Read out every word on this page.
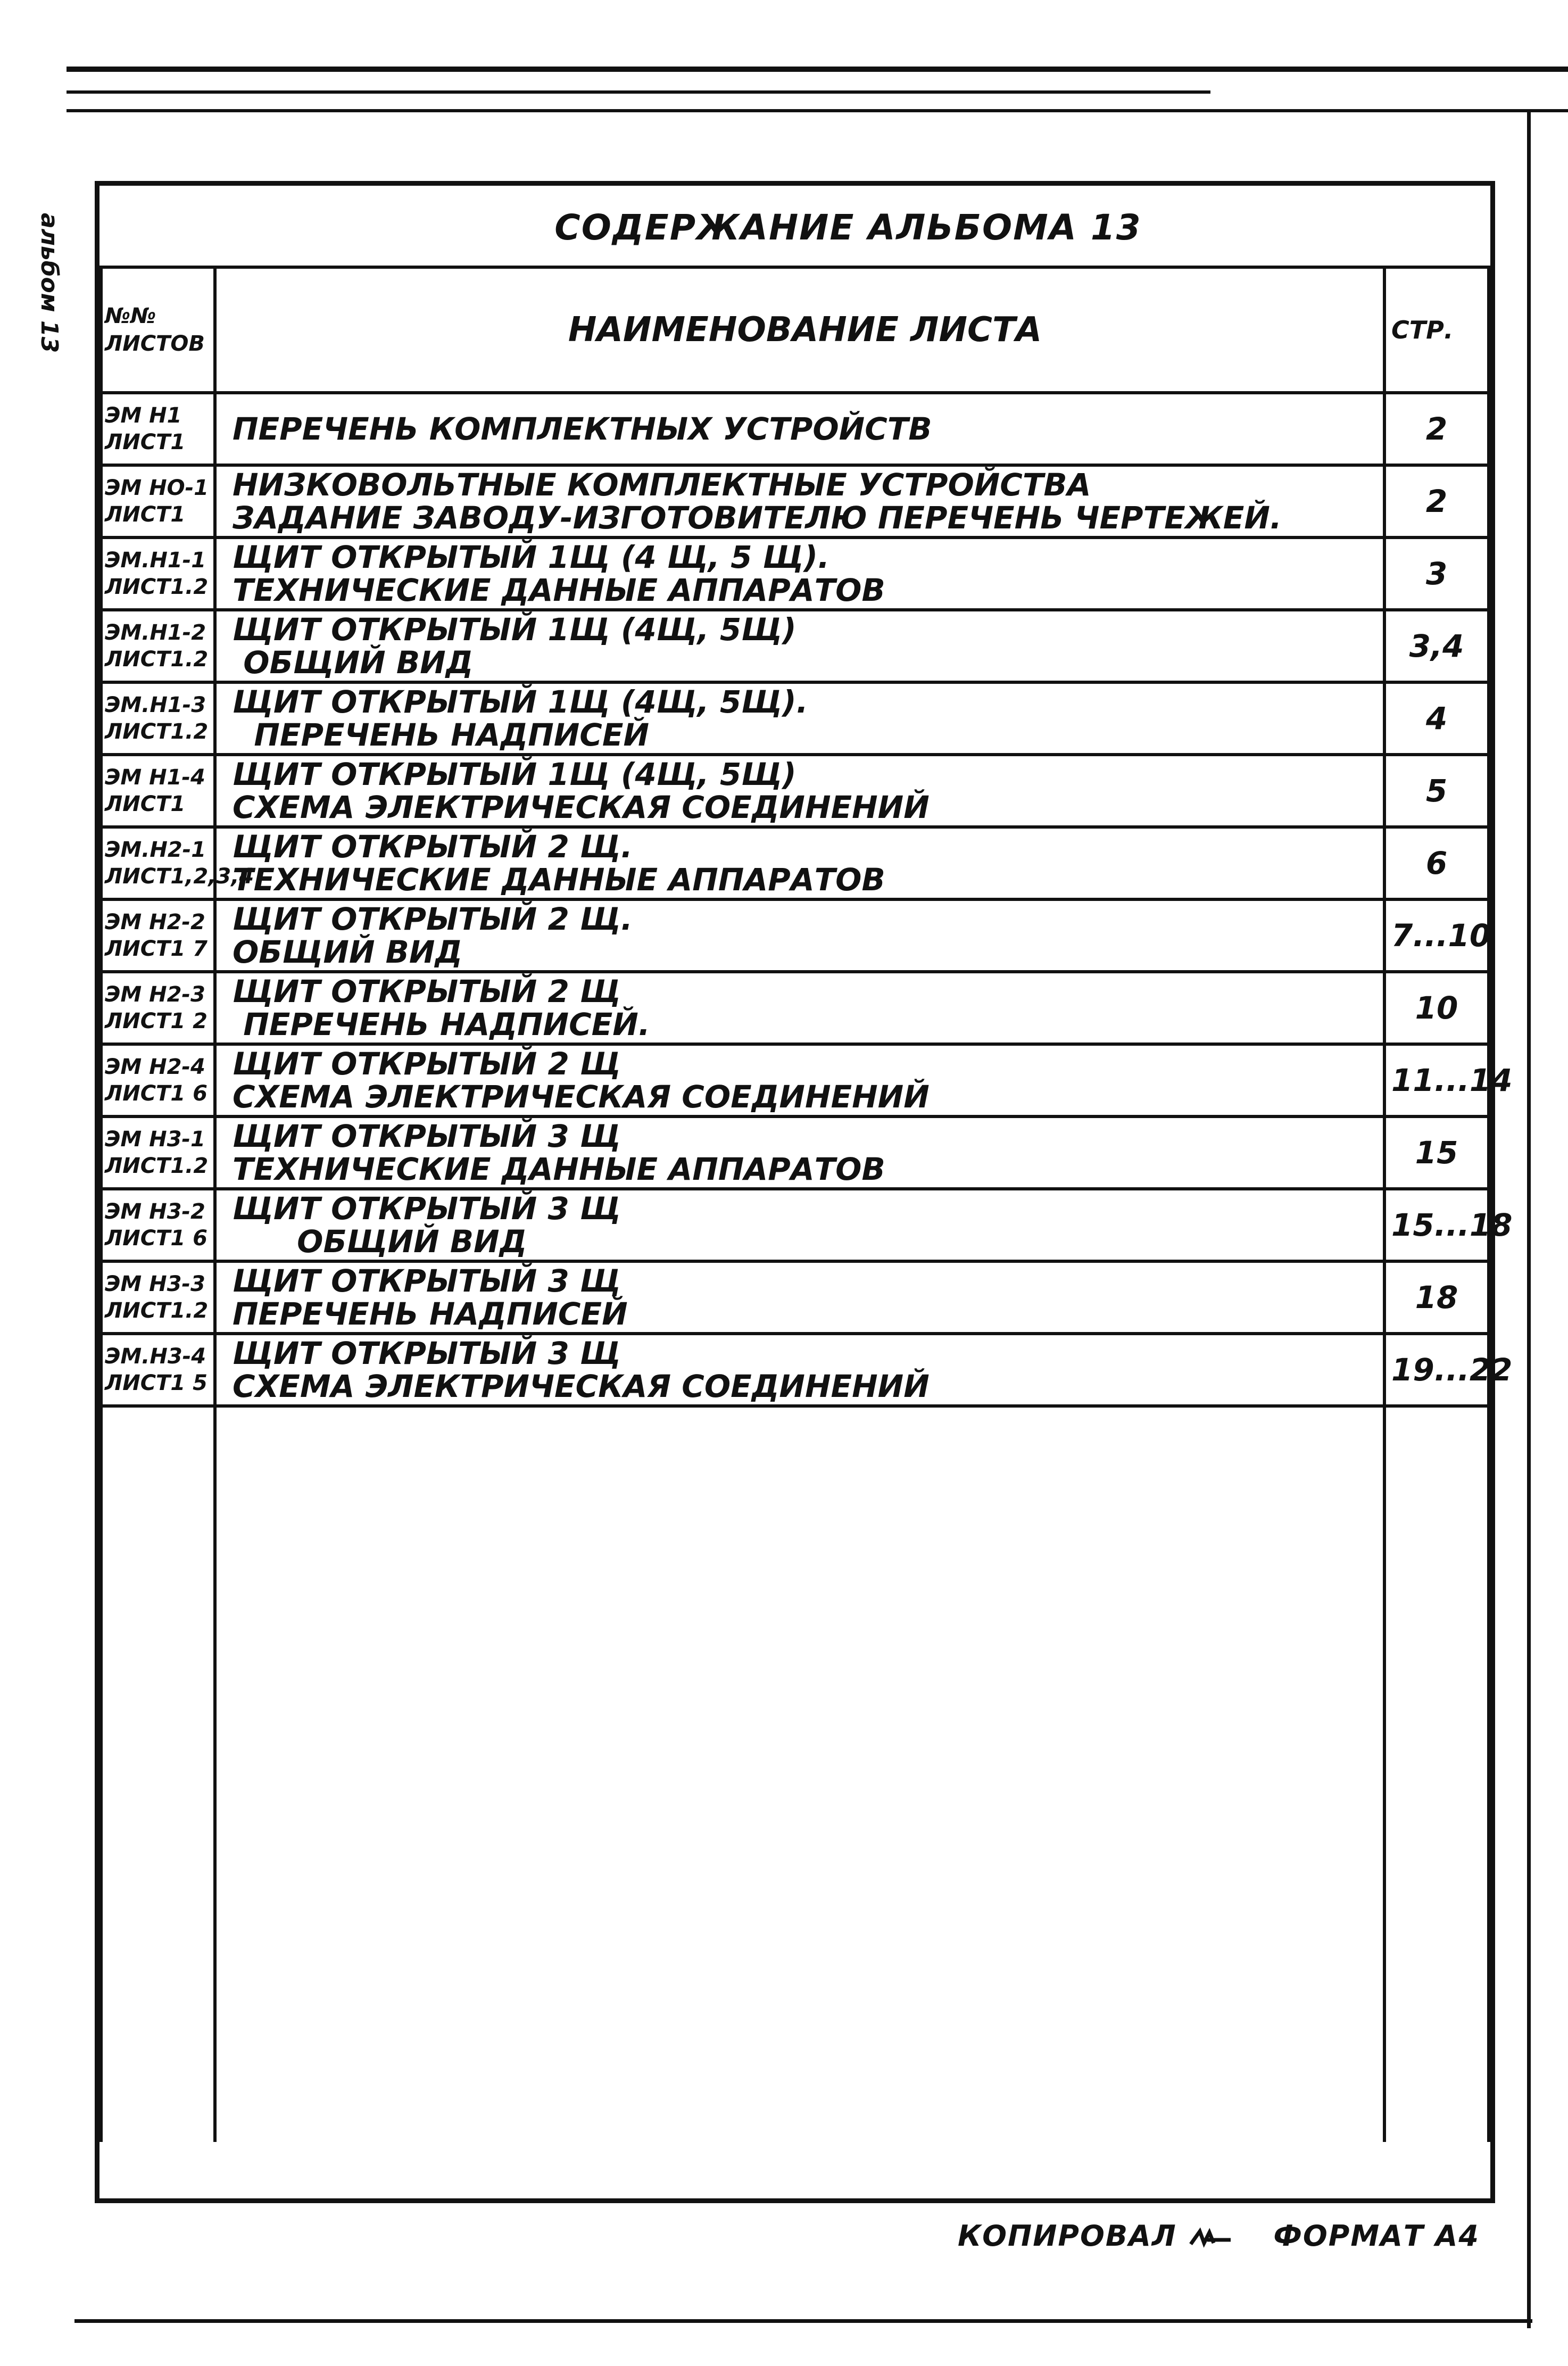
альбом 13	СОДЕРЖАНИЕ АЛЬБОМА 13
№№
ЛИСТОВ	НАИМЕНОВАНИЕ ЛИСТА	СТР.

ЭМ Н1
ЛИСТ1	ПЕРЕЧЕНЬ КОМПЛЕКТНЫХ УСТРОЙСТВ	2

ЭМ НО-1
ЛИСТ1	НИЗКОВОЛЬТНЫЕ КОМПЛЕКТНЫЕ УСТРОЙСТВА
ЗАДАНИЕ ЗАВОДУ-ИЗГОТОВИТЕЛЮ ПЕРЕЧЕНЬ ЧЕРТЕЖЕЙ.	2

ЭМ.Н1-1
ЛИСТ1.2	ЩИТ ОТКРЫТЫЙ 1Щ (4 Щ, 5 Щ).
ТЕХНИЧЕСКИЕ ДАННЫЕ АППАРАТОВ	3

ЭМ.Н1-2
ЛИСТ1.2	ЩИТ ОТКРЫТЫЙ 1Щ (4Щ, 5Щ)
ОБЩИЙ ВИД	3,4

ЭМ.Н1-3
ЛИСТ1.2	ЩИТ ОТКРЫТЫЙ 1Щ (4Щ, 5Щ).
ПЕРЕЧЕНЬ НАДПИСЕЙ	4

ЭМ Н1-4
ЛИСТ1	ЩИТ ОТКРЫТЫЙ 1Щ (4Щ, 5Щ)
СХЕМА ЭЛЕКТРИЧЕСКАЯ СОЕДИНЕНИЙ	5

ЭМ.Н2-1
ЛИСТ1,2,3,4	ЩИТ ОТКРЫТЫЙ 2 Щ.
ТЕХНИЧЕСКИЕ ДАННЫЕ АППАРАТОВ	6

ЭМ Н2-2
ЛИСТ1 7	ЩИТ ОТКРЫТЫЙ 2 Щ.
ОБЩИЙ ВИД	7...10

ЭМ Н2-3
ЛИСТ1 2	ЩИТ ОТКРЫТЫЙ 2 Щ
ПЕРЕЧЕНЬ НАДПИСЕЙ.	10

ЭМ Н2-4
ЛИСТ1 6	ЩИТ ОТКРЫТЫЙ 2 Щ
СХЕМА ЭЛЕКТРИЧЕСКАЯ СОЕДИНЕНИЙ	11...14

ЭМ Н3-1
ЛИСТ1.2	ЩИТ ОТКРЫТЫЙ 3 Щ
ТЕХНИЧЕСКИЕ ДАННЫЕ АППАРАТОВ	15

ЭМ Н3-2
ЛИСТ1 6	ЩИТ ОТКРЫТЫЙ 3 Щ
ОБЩИЙ ВИД	15...18

ЭМ Н3-3
ЛИСТ1.2	ЩИТ ОТКРЫТЫЙ 3 Щ
ПЕРЕЧЕНЬ НАДПИСЕЙ	18

ЭМ.Н3-4
ЛИСТ1 5	ЩИТ ОТКРЫТЫЙ 3 Щ
СХЕМА ЭЛЕКТРИЧЕСКАЯ СОЕДИНЕНИЙ	19...22

КОПИРОВАЛ	ФОРМАТ А4
